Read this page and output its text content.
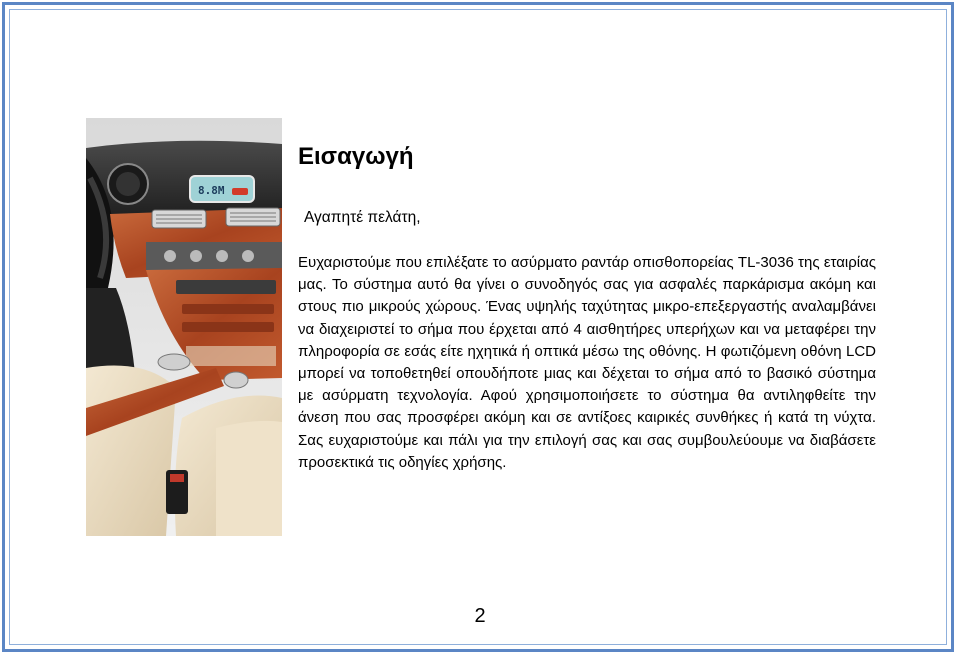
8.8M
Εισαγωγή

Αγαπητέ πελάτη,

Ευχαριστούμε που επιλέξατε το ασύρματο ραντάρ οπισθοπορείας TL-3036 της εταιρίας μας. Το σύστημα αυτό θα γίνει ο συνοδηγός σας για ασφαλές παρκάρισμα ακόμη και στους πιο μικρούς χώρους. Ένας υψηλής ταχύτητας μικρο-επεξεργαστής αναλαμβάνει να διαχειριστεί το σήμα που έρχεται από 4 αισθητήρες υπερήχων και να μεταφέρει την πληροφορία σε εσάς είτε ηχητικά ή οπτικά μέσω της οθόνης. Η φωτιζόμενη οθόνη LCD μπορεί να τοποθετηθεί οπουδήποτε μιας και δέχεται το σήμα από το βασικό σύστημα με ασύρματη τεχνολογία. Αφού χρησιμοποιήσετε το σύστημα θα αντιληφθείτε την άνεση που σας προσφέρει ακόμη και σε αντίξοες καιρικές συνθήκες ή κατά τη νύχτα. Σας ευχαριστούμε και πάλι για την επιλογή σας και σας συμβουλεύουμε να διαβάσετε προσεκτικά τις οδηγίες χρήσης.

2
